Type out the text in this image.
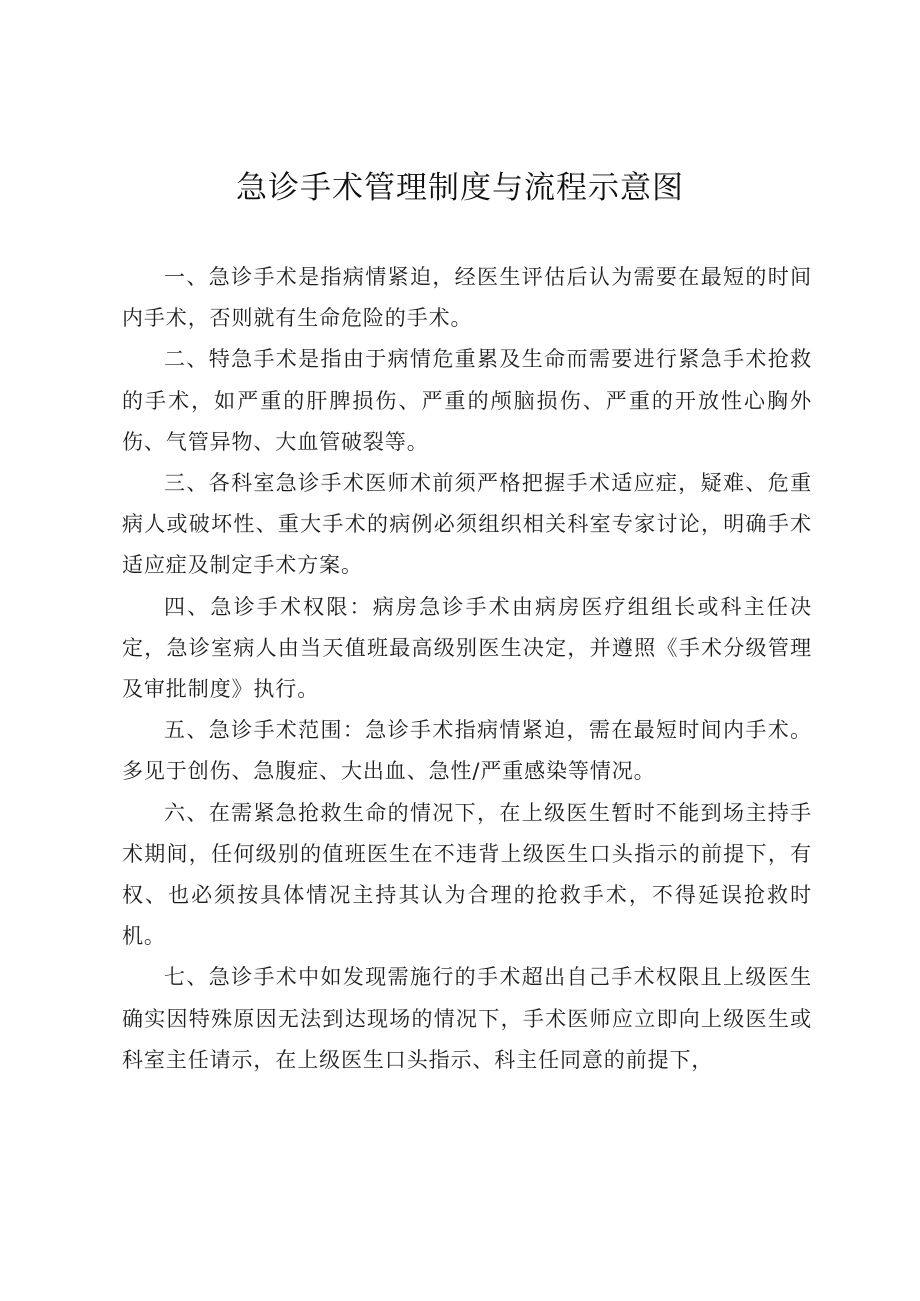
急诊手术管理制度与流程示意图

一、急诊手术是指病情紧迫，经医生评估后认为需要在最短的时间内手术，否则就有生命危险的手术。

二、特急手术是指由于病情危重累及生命而需要进行紧急手术抢救的手术，如严重的肝脾损伤、严重的颅脑损伤、严重的开放性心胸外伤、气管异物、大血管破裂等。

三、各科室急诊手术医师术前须严格把握手术适应症，疑难、危重病人或破坏性、重大手术的病例必须组织相关科室专家讨论，明确手术适应症及制定手术方案。

四、急诊手术权限：病房急诊手术由病房医疗组组长或科主任决定，急诊室病人由当天值班最高级别医生决定，并遵照《手术分级管理及审批制度》执行。

五、急诊手术范围：急诊手术指病情紧迫，需在最短时间内手术。多见于创伤、急腹症、大出血、急性/严重感染等情况。

六、在需紧急抢救生命的情况下，在上级医生暂时不能到场主持手术期间，任何级别的值班医生在不违背上级医生口头指示的前提下，有权、也必须按具体情况主持其认为合理的抢救手术，不得延误抢救时机。

七、急诊手术中如发现需施行的手术超出自己手术权限且上级医生确实因特殊原因无法到达现场的情况下，手术医师应立即向上级医生或科室主任请示，在上级医生口头指示、科主任同意的前提下，
